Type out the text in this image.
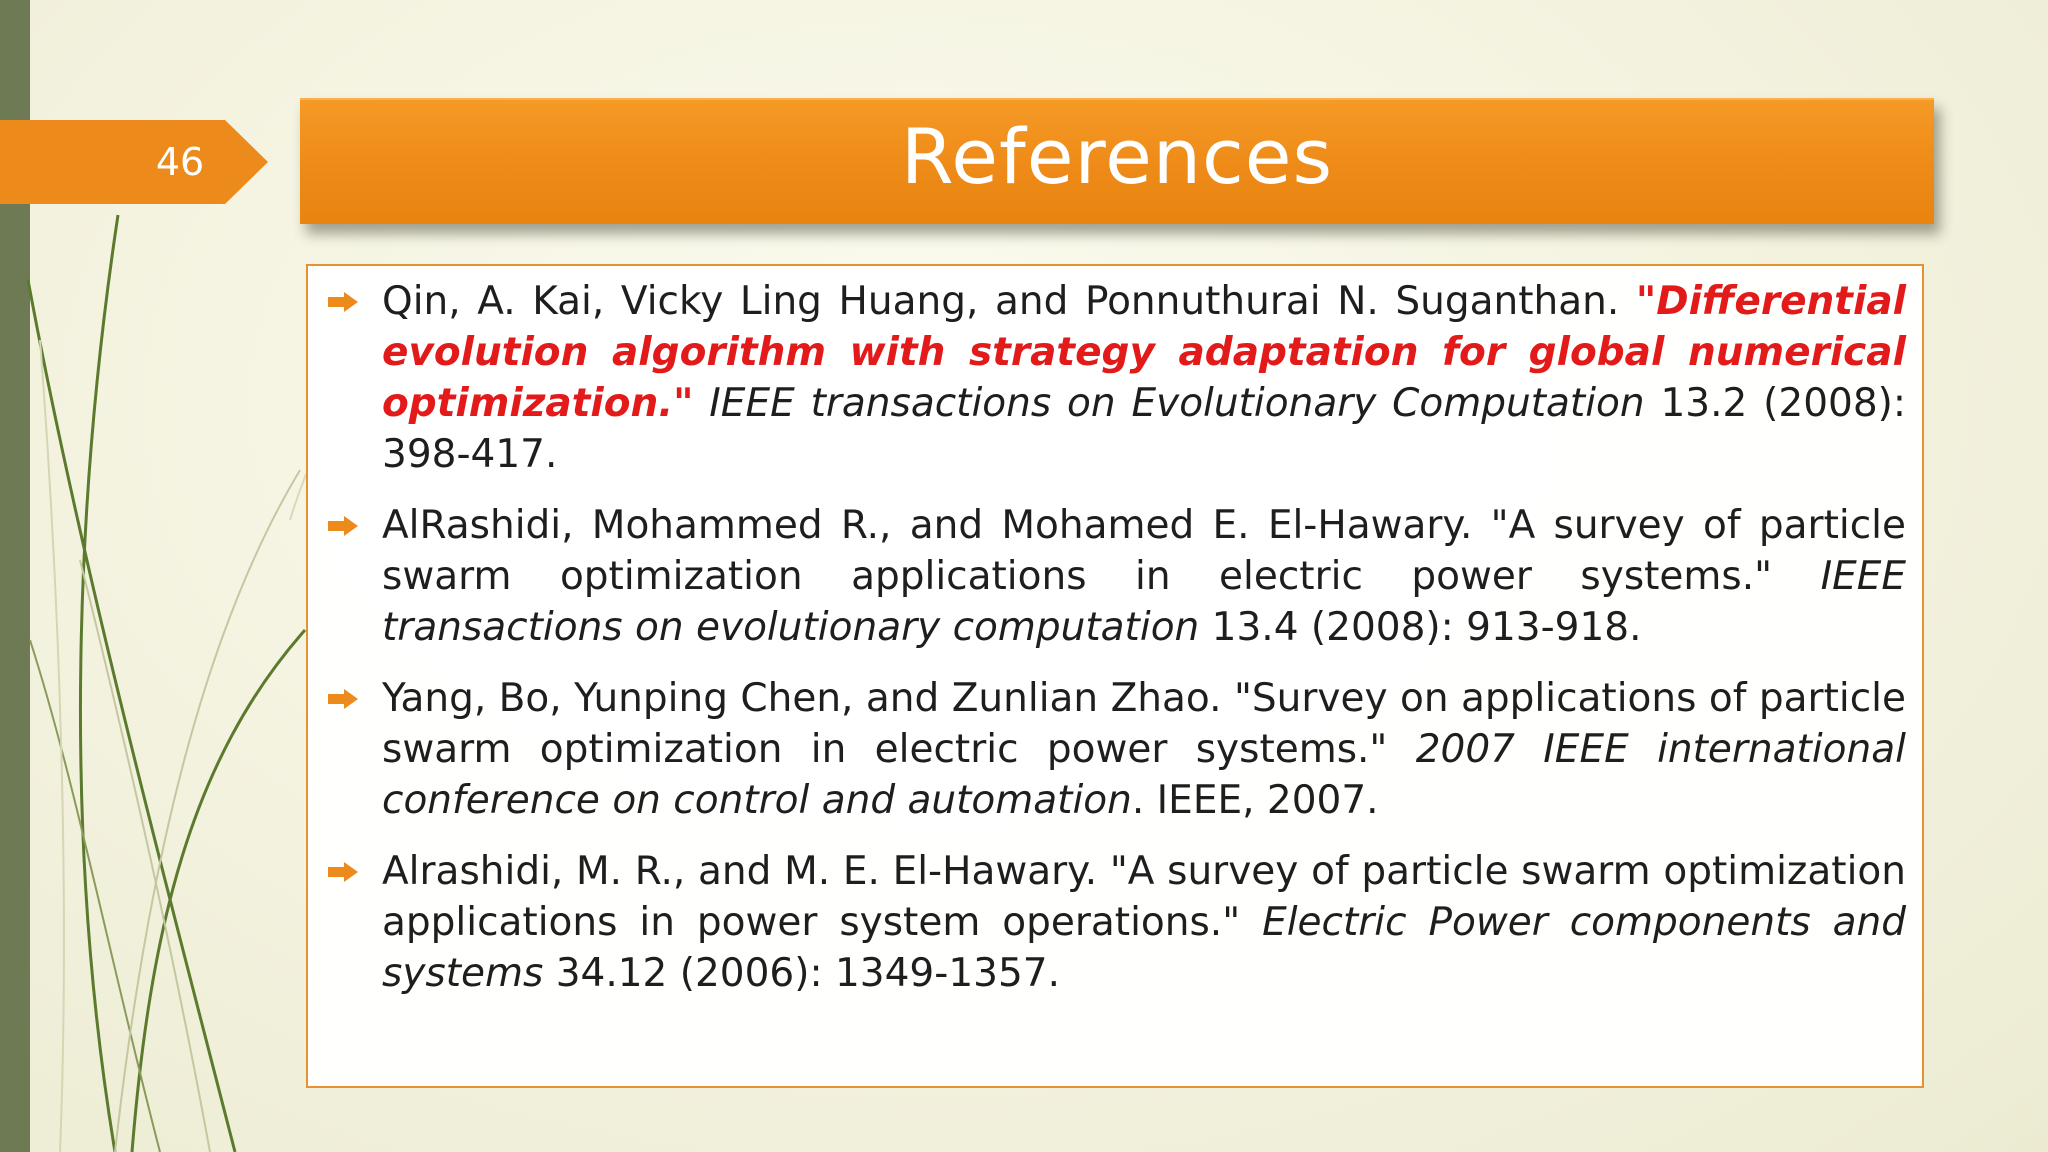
46	References
Qin, A. Kai, Vicky Ling Huang, and Ponnuthurai N. Suganthan. "Differential evolution algorithm with strategy adaptation for global numerical optimization." IEEE transactions on Evolutionary Computation 13.2 (2008): 398-417.
AlRashidi, Mohammed R., and Mohamed E. El-Hawary. "A survey of particle swarm optimization applications in electric power systems." IEEE transactions on evolutionary computation 13.4 (2008): 913-918.
Yang, Bo, Yunping Chen, and Zunlian Zhao. "Survey on applications of particle swarm optimization in electric power systems." 2007 IEEE international conference on control and automation. IEEE, 2007.
Alrashidi, M. R., and M. E. El-Hawary. "A survey of particle swarm optimization applications in power system operations." Electric Power components and systems 34.12 (2006): 1349-1357.
